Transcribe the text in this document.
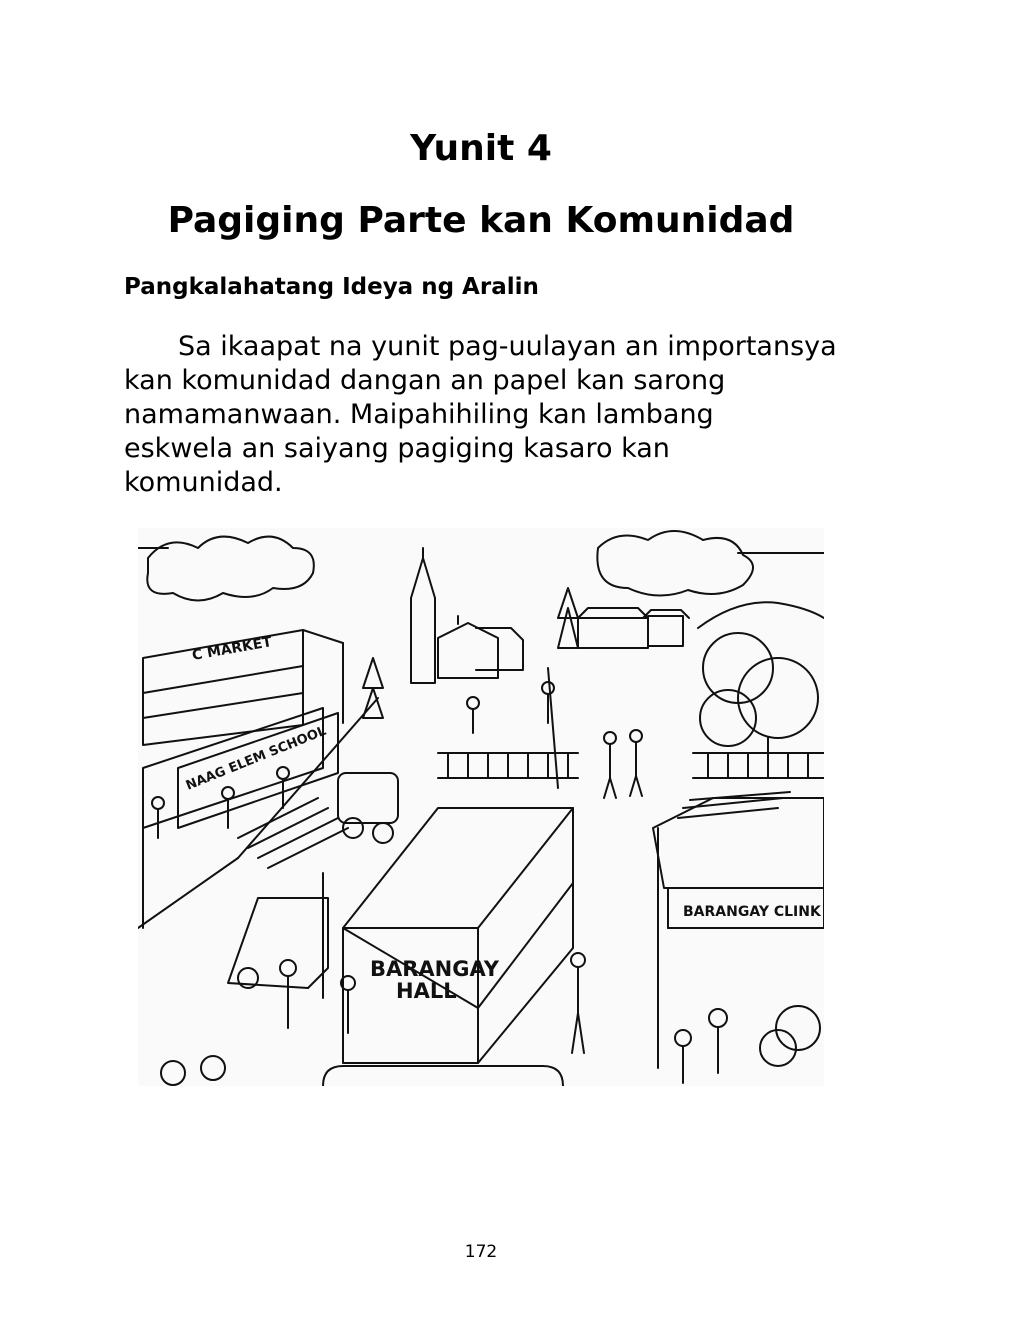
Yunit 4
Pagiging Parte kan Komunidad
Pangkalahatang Ideya ng Aralin

Sa ikaapat na yunit pag-uulayan an importansya
kan komunidad dangan an papel kan sarong
namamanwaan. Maipahihiling kan lambang
eskwela an saiyang pagiging kasaro kan
komunidad.

C MARKET
NAAG ELEM SCHOOL
BARANGAY
HALL
BARANGAY CLINK
172
